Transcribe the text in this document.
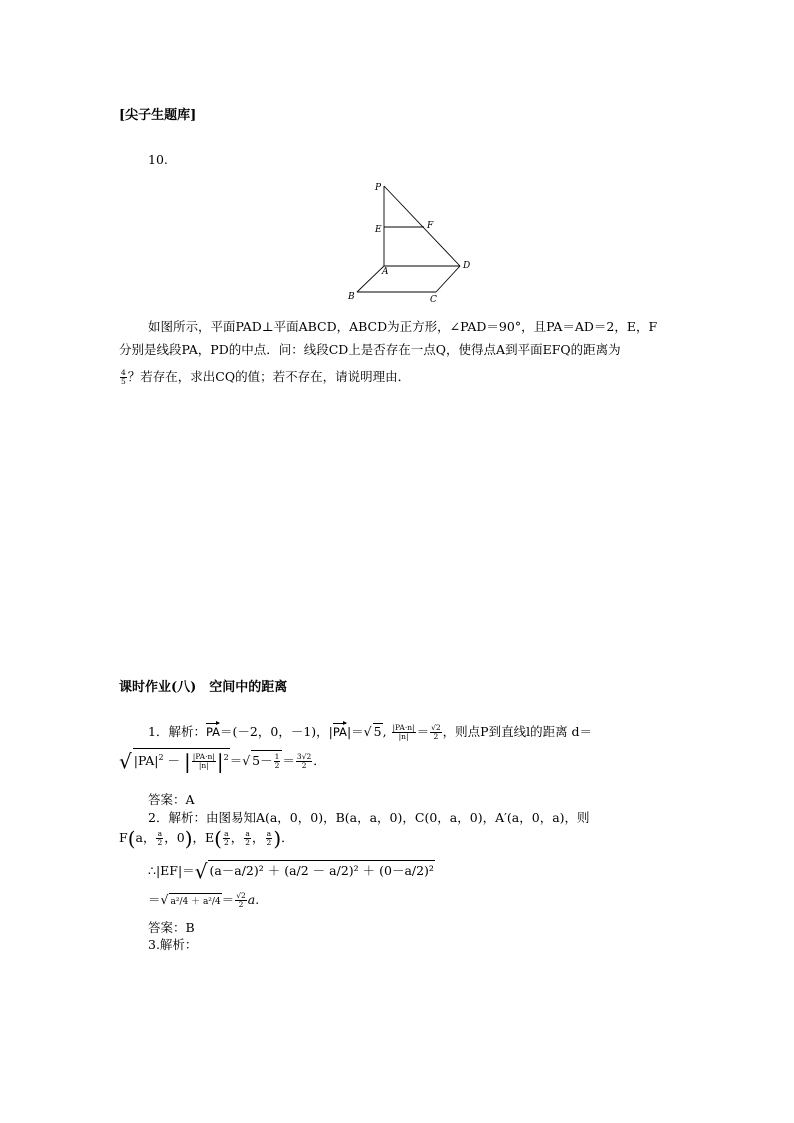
[尖子生题库]
10.
P
E	F
A
D
B	C
如图所示，平面PAD⊥平面ABCD，ABCD为正方形，∠PAD＝90°，且PA＝AD＝2，E，F
分别是线段PA，PD的中点．问：线段CD上是否存在一点Q，使得点A到平面EFQ的距离为
$\frac{4}{5}$ ？若存在，求出CQ的值；若不存在，请说明理由．
课时作业(八)　空间中的距离
1．解析：PA＝(－2，0，－1)，|PA|＝√ 5, $\frac{|PA\cdot n|}{|n|} = \frac{√2}{2}$ ，则点P到直线l的距离 d＝
√ $|PA|^2$ － | $\frac{|PA\cdot n|}{|n|} |^2=√$ $5- \frac{1}{2} = \frac{3√2}{2}$ ．
答案：A
2．解析：由图易知A(a，0，0)，B(a，a，0)，C(0，a，0)，A′(a，0，a)，则
F(a， $\frac{a}{2}$ ，0)，$E( \frac{a}{2}$ ， $\frac{a}{2}$ ， $\frac{a}{2}$ )．
∴|EF|＝√ (a－a/2)² ＋ (a/2 － a/2)² ＋ (0－a/2)²
＝√ $a^2/4 + a^2/4= \frac{√2}{2} a$.
答案：B
3.解析：
